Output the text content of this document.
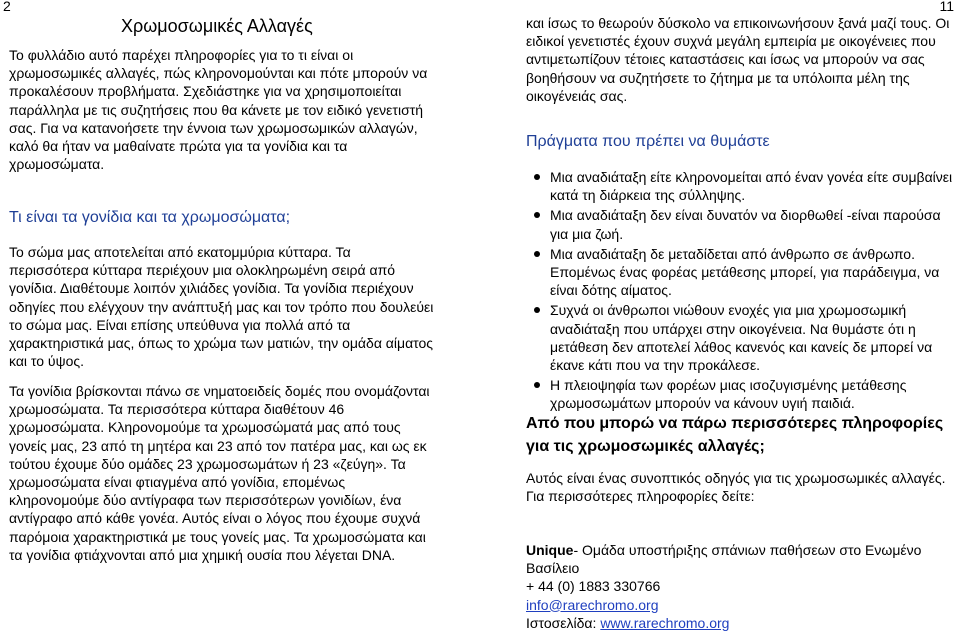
2	11
Χρωμοσωμικές Αλλαγές

Το φυλλάδιο αυτό παρέχει πληροφορίες για το τι είναι οι χρωμοσωμικές αλλαγές, πώς κληρονομούνται και πότε μπορούν να προκαλέσουν προβλήματα. Σχεδιάστηκε για να χρησιμοποιείται παράλληλα με τις συζητήσεις που θα κάνετε με τον ειδικό γενετιστή σας. Για να κατανοήσετε την έννοια των χρωμοσωμικών αλλαγών, καλό θα ήταν να μαθαίνατε πρώτα για τα γονίδια και τα χρωμοσώματα.

Τι είναι τα γονίδια και τα χρωμοσώματα;

Το σώμα μας αποτελείται από εκατομμύρια κύτταρα. Τα περισσότερα κύτταρα περιέχουν μια ολοκληρωμένη σειρά από γονίδια. Διαθέτουμε λοιπόν χιλιάδες γονίδια. Τα γονίδια περιέχουν οδηγίες που ελέγχουν την ανάπτυξή μας και τον τρόπο που δουλεύει το σώμα μας. Είναι επίσης υπεύθυνα για πολλά από τα χαρακτηριστικά μας, όπως το χρώμα των ματιών, την ομάδα αίματος και το ύψος.

Τα γονίδια βρίσκονται πάνω σε νηματοειδείς δομές που ονομάζονται χρωμοσώματα. Τα περισσότερα κύτταρα διαθέτουν 46 χρωμοσώματα. Κληρονομούμε τα χρωμοσώματά μας από τους γονείς μας, 23 από τη μητέρα και 23 από τον πατέρα μας, και ως εκ τούτου έχουμε δύο ομάδες 23 χρωμοσωμάτων ή 23 «ζεύγη». Τα χρωμοσώματα είναι φτιαγμένα από γονίδια, επομένως κληρονομούμε δύο αντίγραφα των περισσότερων γονιδίων, ένα αντίγραφο από κάθε γονέα. Αυτός είναι ο λόγος που έχουμε συχνά παρόμοια χαρακτηριστικά με τους γονείς μας. Τα χρωμοσώματα και τα γονίδια φτιάχνονται από μια χημική ουσία που λέγεται DNA.

και ίσως το θεωρούν δύσκολο να επικοινωνήσουν ξανά μαζί τους. Οι ειδικοί γενετιστές έχουν συχνά μεγάλη εμπειρία με οικογένειες που αντιμετωπίζουν τέτοιες καταστάσεις και ίσως να μπορούν να σας βοηθήσουν να συζητήσετε το ζήτημα με τα υπόλοιπα μέλη της οικογένειάς σας.

Πράγματα που πρέπει να θυμάστε
Μια αναδιάταξη είτε κληρονομείται από έναν γονέα είτε συμβαίνει κατά τη διάρκεια της σύλληψης.
Μια αναδιάταξη δεν είναι δυνατόν να διορθωθεί -είναι παρούσα για μια ζωή.
Μια αναδιάταξη δε μεταδίδεται από άνθρωπο σε άνθρωπο. Επομένως ένας φορέας μετάθεσης μπορεί, για παράδειγμα, να είναι δότης αίματος.
Συχνά οι άνθρωποι νιώθουν ενοχές για μια χρωμοσωμική αναδιάταξη που υπάρχει στην οικογένεια. Να θυμάστε ότι η μετάθεση δεν αποτελεί λάθος κανενός και κανείς δε μπορεί να έκανε κάτι που να την προκάλεσε.
Η πλειοψηφία των φορέων μιας ισοζυγισμένης μετάθεσης χρωμοσωμάτων μπορούν να κάνουν υγιή παιδιά.
Από που μπορώ να πάρω περισσότερες πληροφορίες για τις χρωμοσωμικές αλλαγές;

Αυτός είναι ένας συνοπτικός οδηγός για τις χρωμοσωμικές αλλαγές. Για περισσότερες πληροφορίες δείτε:

Unique- Ομάδα υποστήριξης σπάνιων παθήσεων στο Ενωμένο Βασίλειο

+ 44 (0) 1883 330766

info@rarechromo.org

Ιστοσελίδα: www.rarechromo.org
